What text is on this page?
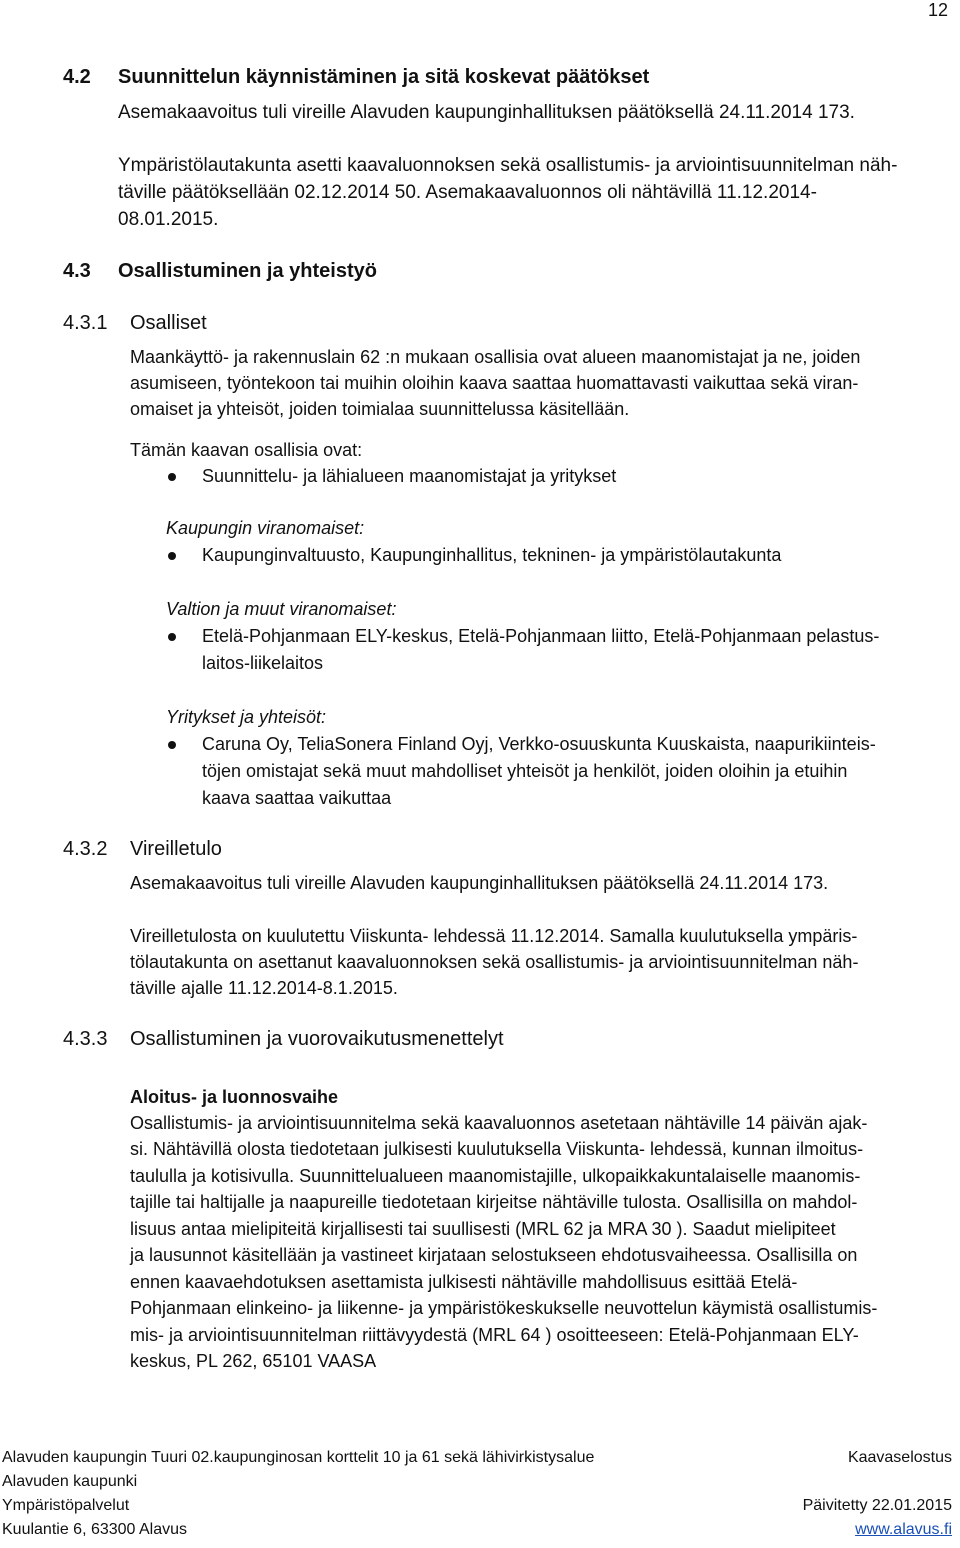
12
4.2 Suunnittelun käynnistäminen ja sitä koskevat päätökset
Asemakaavoitus tuli vireille Alavuden kaupunginhallituksen päätöksellä 24.11.2014 173.
Ympäristölautakunta asetti kaavaluonnoksen sekä osallistumis- ja arviointisuunnitelman näh-
täville päätöksellään 02.12.2014 50. Asemakaavaluonnos oli nähtävillä 11.12.2014-
08.01.2015.
4.3 Osallistuminen ja yhteistyö
4.3.1 Osalliset
Maankäyttö- ja rakennuslain 62 :n mukaan osallisia ovat alueen maanomistajat ja ne, joiden
asumiseen, työntekoon tai muihin oloihin kaava saattaa huomattavasti vaikuttaa sekä viran-
omaiset ja yhteisöt, joiden toimialaa suunnittelussa käsitellään.
Tämän kaavan osallisia ovat:
Suunnittelu- ja lähialueen maanomistajat ja yritykset
Kaupungin viranomaiset:
Kaupunginvaltuusto, Kaupunginhallitus, tekninen- ja ympäristölautakunta
Valtion ja muut viranomaiset:
Etelä-Pohjanmaan ELY-keskus, Etelä-Pohjanmaan liitto, Etelä-Pohjanmaan pelastus-
laitos-liikelaitos
Yritykset ja yhteisöt:
Caruna Oy, TeliaSonera Finland Oyj, Verkko-osuuskunta Kuuskaista, naapurikiinteis-
töjen omistajat sekä muut mahdolliset yhteisöt ja henkilöt, joiden oloihin ja etuihin
kaava saattaa vaikuttaa
4.3.2 Vireilletulo
Asemakaavoitus tuli vireille Alavuden kaupunginhallituksen päätöksellä 24.11.2014 173.
Vireilletulosta on kuulutettu Viiskunta- lehdessä 11.12.2014. Samalla kuulutuksella ympäris-
tölautakunta on asettanut kaavaluonnoksen sekä osallistumis- ja arviointisuunnitelman näh-
täville ajalle 11.12.2014-8.1.2015.
4.3.3 Osallistuminen ja vuorovaikutusmenettelyt
Aloitus- ja luonnosvaihe
Osallistumis- ja arviointisuunnitelma sekä kaavaluonnos asetetaan nähtäville 14 päivän ajak-
si. Nähtävillä olosta tiedotetaan julkisesti kuulutuksella Viiskunta- lehdessä, kunnan ilmoitus-
taululla ja kotisivulla. Suunnittelualueen maanomistajille, ulkopaikkakuntalaiselle maanomis-
tajille tai haltijalle ja naapureille tiedotetaan kirjeitse nähtäville tulosta. Osallisilla on mahdol-
lisuus antaa mielipiteitä kirjallisesti tai suullisesti (MRL 62 ja MRA 30 ). Saadut mielipiteet
ja lausunnot käsitellään ja vastineet kirjataan selostukseen ehdotusvaiheessa. Osallisilla on
ennen kaavaehdotuksen asettamista julkisesti nähtäville mahdollisuus esittää Etelä-
Pohjanmaan elinkeino- ja liikenne- ja ympäristökeskukselle neuvottelun käymistä osallistumis-
mis- ja arviointisuunnitelman riittävyydestä (MRL 64 ) osoitteeseen: Etelä-Pohjanmaan ELY-
keskus, PL 262, 65101 VAASA
Alavuden kaupungin Tuuri 02.kaupunginosan korttelit 10 ja 61 sekä lähivirkistysalue
Alavuden kaupunki
Ympäristöpalvelut
Kuulantie 6, 63300 Alavus
Kaavaselostus
Päivitetty 22.01.2015
www.alavus.fi
